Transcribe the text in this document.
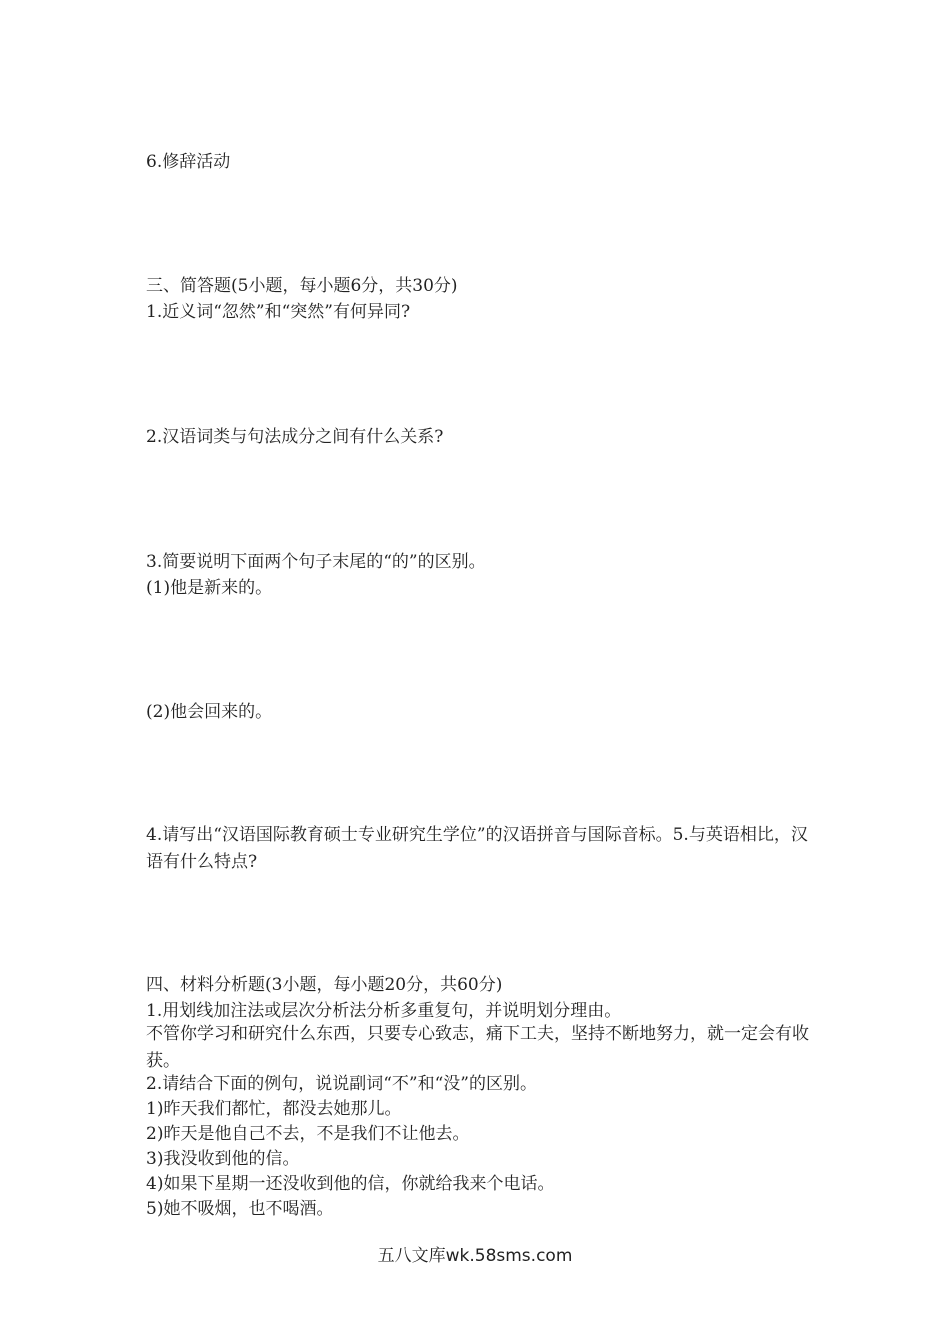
6.修辞活动
三、简答题(5小题，每小题6分，共30分)
1.近义词“忽然”和“突然”有何异同?
2.汉语词类与句法成分之间有什么关系?
3.简要说明下面两个句子末尾的“的”的区别。
(1)他是新来的。
(2)他会回来的。
4.请写出“汉语国际教育硕士专业研究生学位”的汉语拼音与国际音标。5.与英语相比，汉语有什么特点?
四、材料分析题(3小题，每小题20分，共60分)
1.用划线加注法或层次分析法分析多重复句，并说明划分理由。
不管你学习和研究什么东西，只要专心致志，痛下工夫，坚持不断地努力，就一定会有收获。
2.请结合下面的例句，说说副词“不”和“没”的区别。
1)昨天我们都忙，都没去她那儿。
2)昨天是他自己不去，不是我们不让他去。
3)我没收到他的信。
4)如果下星期一还没收到他的信，你就给我来个电话。
5)她不吸烟，也不喝酒。
五八文库wk.58sms.com
